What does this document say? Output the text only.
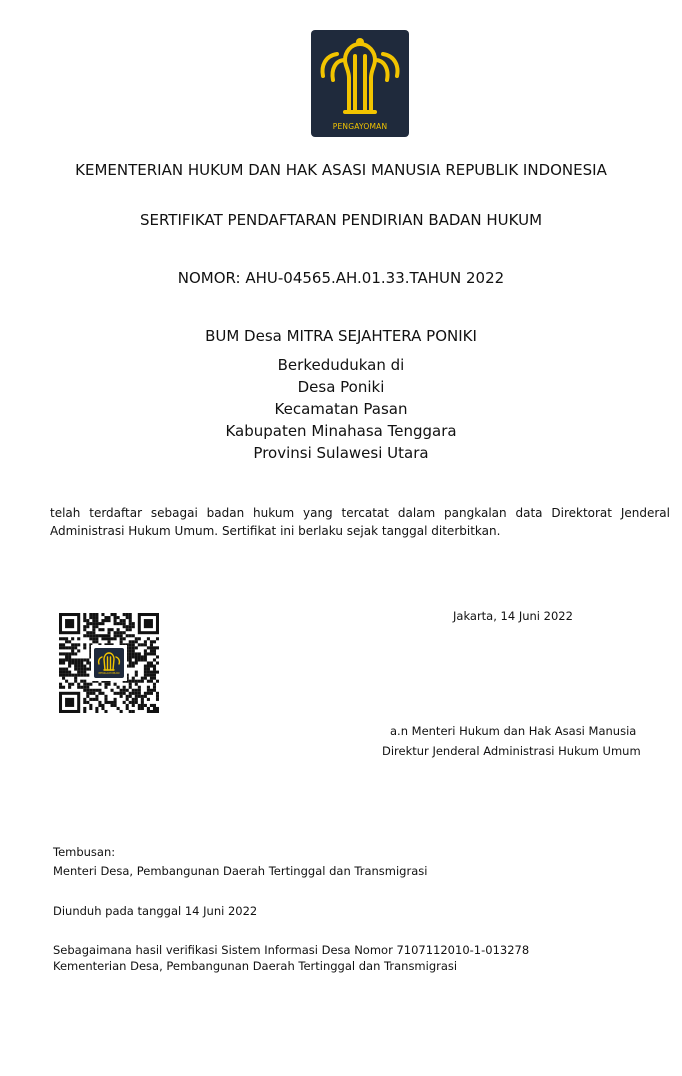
PENGAYOMAN
KEMENTERIAN HUKUM DAN HAK ASASI MANUSIA REPUBLIK INDONESIA
SERTIFIKAT PENDAFTARAN PENDIRIAN BADAN HUKUM
NOMOR: AHU-04565.AH.01.33.TAHUN 2022
BUM Desa MITRA SEJAHTERA PONIKI
Berkedudukan di
Desa Poniki
Kecamatan Pasan
Kabupaten Minahasa Tenggara
Provinsi Sulawesi Utara
telah terdaftar sebagai badan hukum yang tercatat dalam pangkalan data Direktorat Jenderal Administrasi Hukum Umum. Sertifikat ini berlaku sejak tanggal diterbitkan.
PENGAYOMAN
Jakarta, 14 Juni 2022
a.n Menteri Hukum dan Hak Asasi Manusia
Direktur Jenderal Administrasi Hukum Umum
Tembusan:
Menteri Desa, Pembangunan Daerah Tertinggal dan Transmigrasi
Diunduh pada tanggal 14 Juni 2022
Sebagaimana hasil verifikasi Sistem Informasi Desa Nomor 7107112010-1-013278
Kementerian Desa, Pembangunan Daerah Tertinggal dan Transmigrasi
